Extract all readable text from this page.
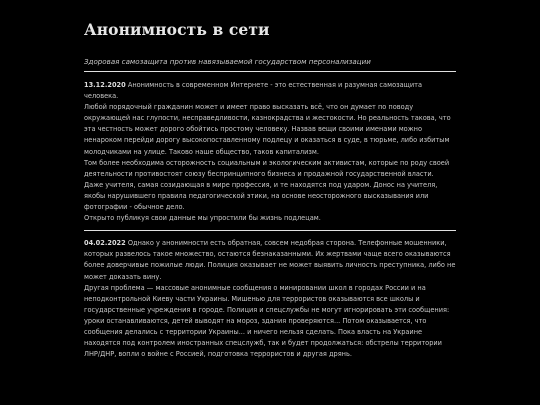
Анонимность в сети
Здоровая самозащита против навязываемой государством персонализации
13.12.2020 Анонимность в современном Интернете - это естественная и разумная самозащита человека.
Любой порядочный гражданин может и имеет право высказать всё, что он думает по поводу окружающей нас глупости, несправедливости, казнокрадства и жестокости. Но реальность такова, что эта честность может дорого обойтись простому человеку. Назвав вещи своими именами можно ненароком перейди дорогу высокопоставленному подлецу и оказаться в суде, в тюрьме, либо избитым молодчиками на улице. Таково наше общество, таков капитализм.
Том более необходима осторожность социальным и экологическим активистам, которые по роду своей деятельности противостоят союзу беспринципного бизнеса и продажной государственной власти.
Даже учителя, самая созидающая в мире профессия, и те находятся под ударом. Донос на учителя, якобы нарушившего правила педагогической этики, на основе неосторожного высказывания или фотографии - обычное дело.
Открыто публикуя свои данные мы упростили бы жизнь подлецам.
04.02.2022 Однако у анонимности есть обратная, совсем недобрая сторона. Телефонные мошенники, которых развелось такое множество, остаются безнаказанными. Их жертвами чаще всего оказываются более доверчивые пожилые люди. Полиция оказывает не может выявить личность преступника, либо не может доказать вину.
Другая проблема — массовые анонимные сообщения о минировании школ в городах России и на неподконтрольной Киеву части Украины. Мишенью для террористов оказываются все школы и государственные учреждения в городе. Полиция и спецслужбы не могут игнорировать эти сообщения: уроки останавливаются, детей выводят на мороз, здания проверяются... Потом оказывается, что сообщения делались с территории Украины... и ничего нельзя сделать. Пока власть на Украине находятся под контролем иностранных спецслужб, так и будет продолжаться: обстрелы территории ЛНР/ДНР, вопли о войне с Россией, подготовка террористов и другая дрянь.
